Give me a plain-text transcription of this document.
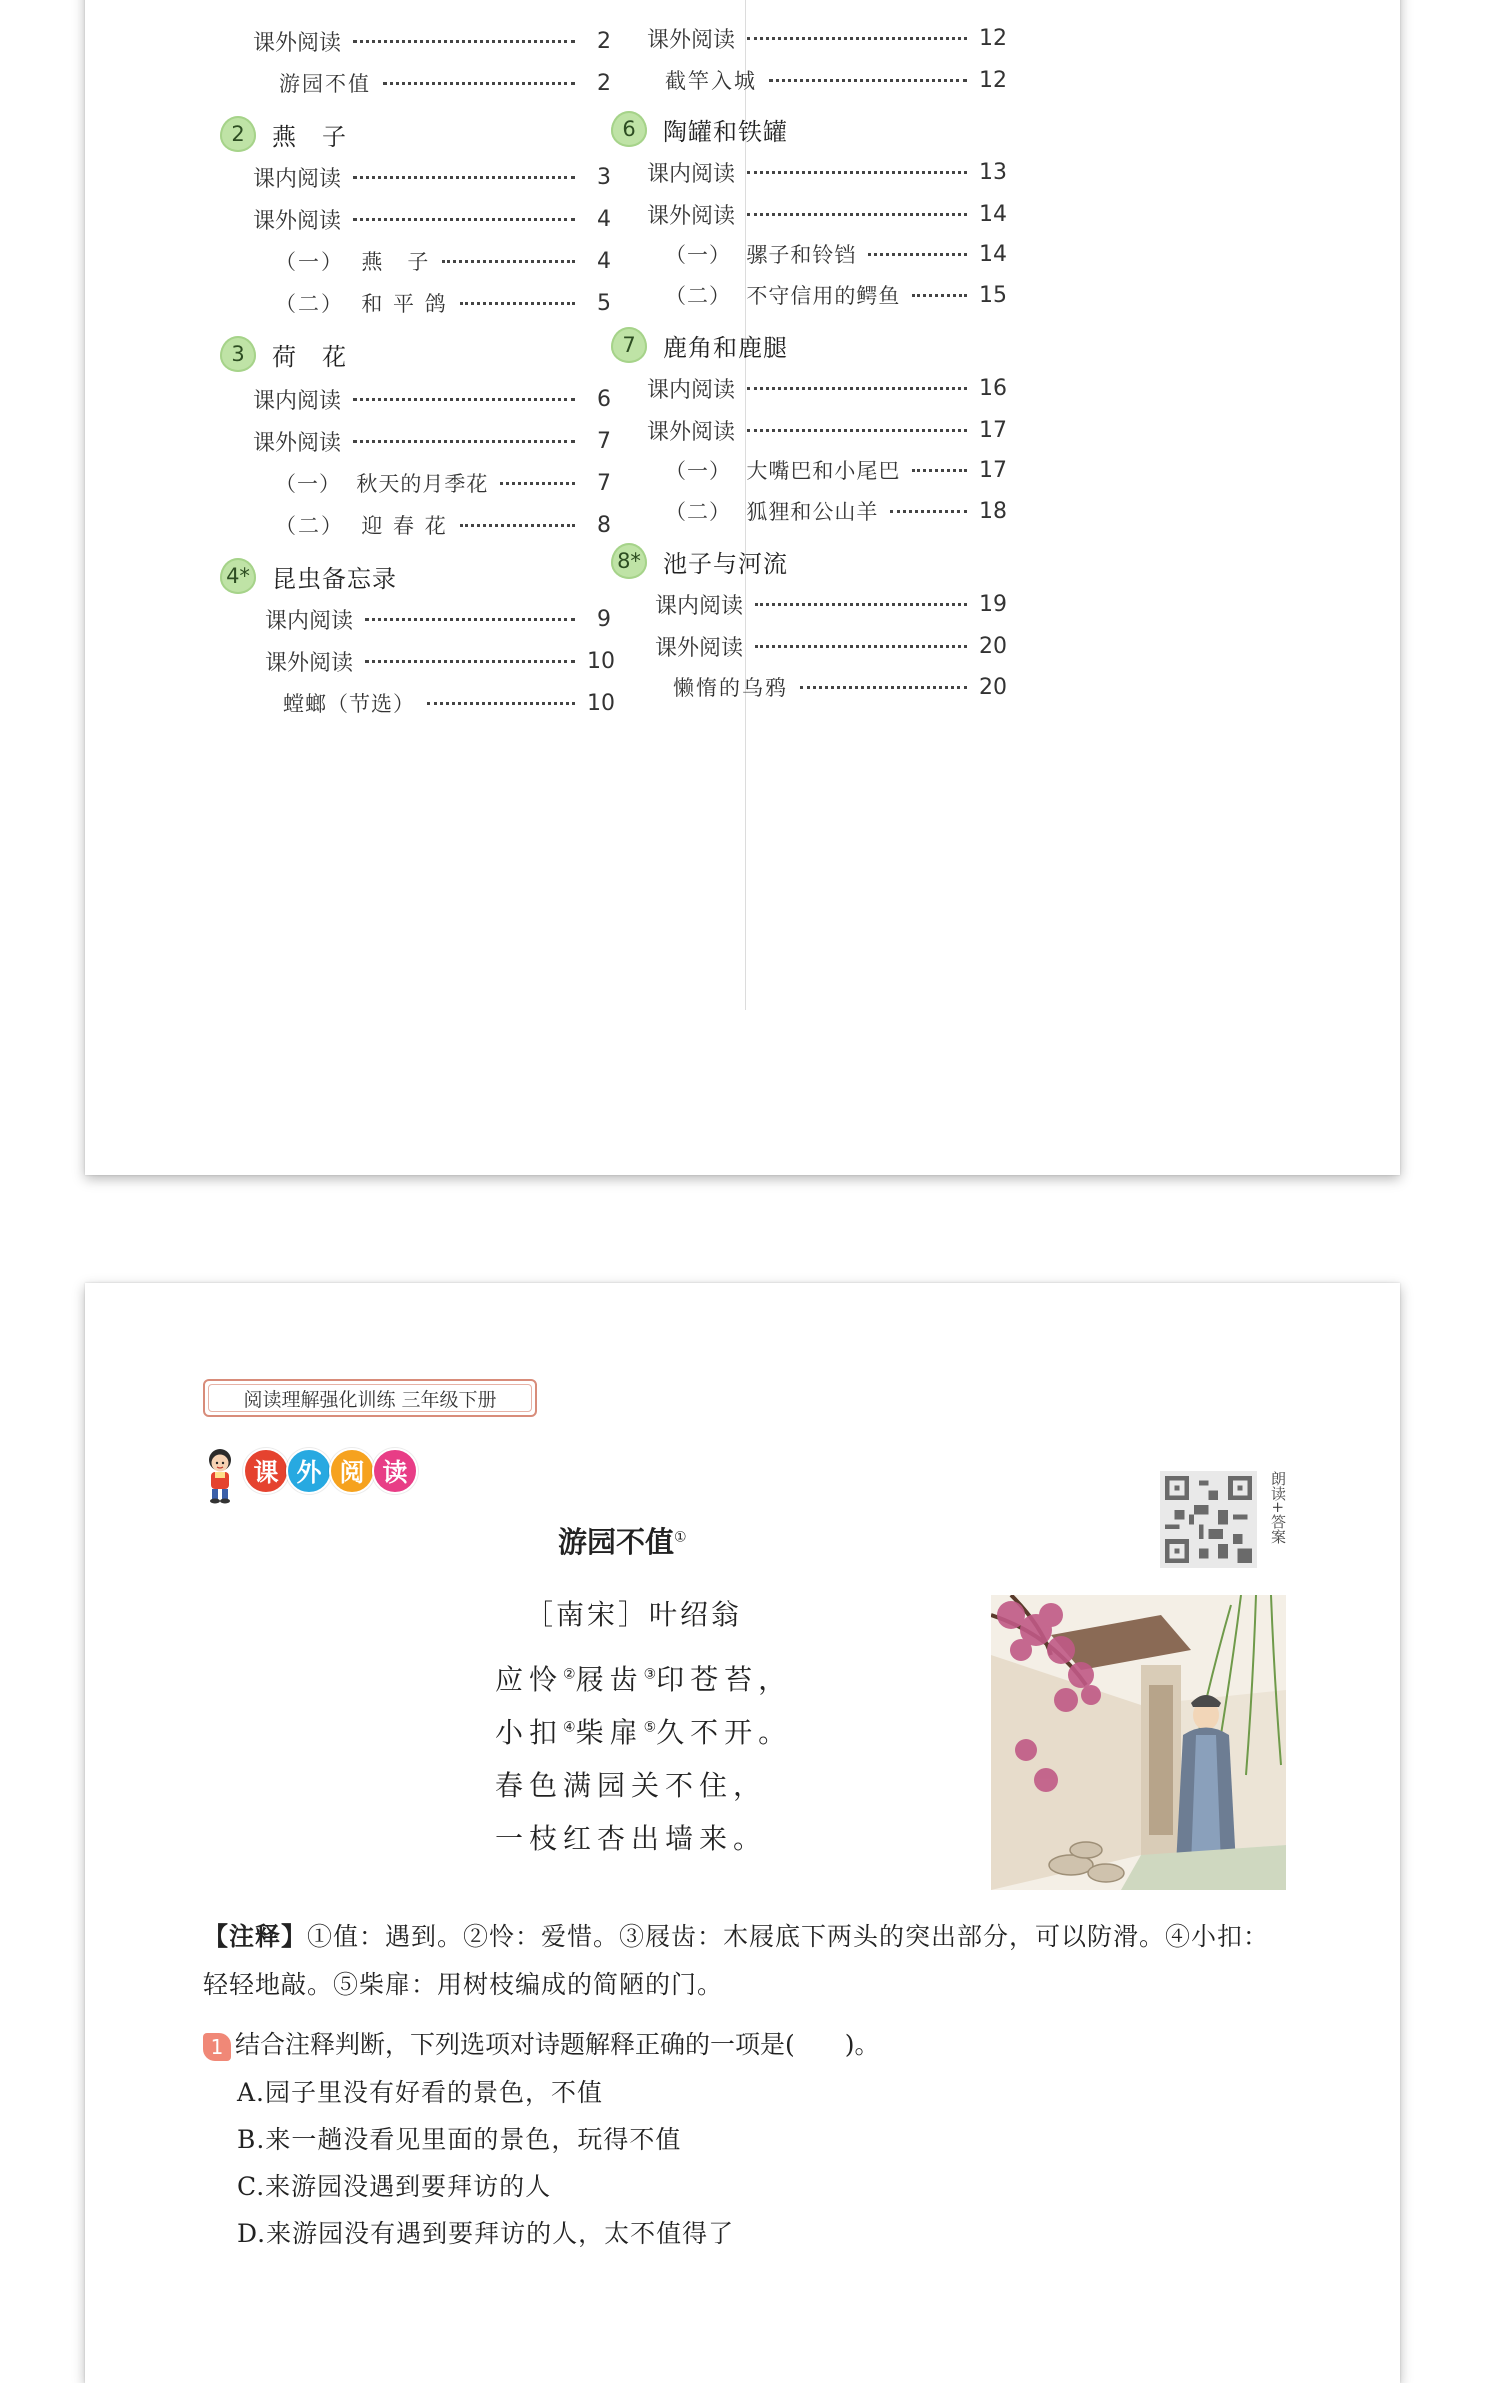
课外阅读	2
游园不值	2
2	燕　子
课内阅读	3
课外阅读	4
（一）  燕　子	4
（二）  和 平 鸽	5
3	荷　花
课内阅读	6
课外阅读	7
（一）  秋天的月季花	7
（二）  迎 春 花	8
4* 昆虫备忘录
课内阅读	9
课外阅读	10
螳螂（节选）	10
课外阅读	12
截竿入城	12
6	陶罐和铁罐
课内阅读	13
课外阅读	14
（一）  骡子和铃铛	14
（二）  不守信用的鳄鱼	15
7	鹿角和鹿腿
课内阅读	16
课外阅读	17
（一）  大嘴巴和小尾巴	17
（二）  狐狸和公山羊	18
8* 池子与河流
课内阅读	19
课外阅读	20
懒惰的乌鸦	20
阅读理解强化训练 三年级下册
课 外 阅 读
游园不值①	朗读+答案
［南宋］叶绍翁
应怜②屐齿③印苍苔，
小扣④柴扉⑤久不开。
春色满园关不住，
一枝红杏出墙来。
【注释】①值：遇到。②怜：爱惜。③屐齿：木屐底下两头的突出部分，可以防滑。④小扣：轻轻地敲。⑤柴扉：用树枝编成的简陋的门。
1 结合注释判断，下列选项对诗题解释正确的一项是(　　)。
A.园子里没有好看的景色，不值
B.来一趟没看见里面的景色，玩得不值
C.来游园没遇到要拜访的人
D.来游园没有遇到要拜访的人，太不值得了
